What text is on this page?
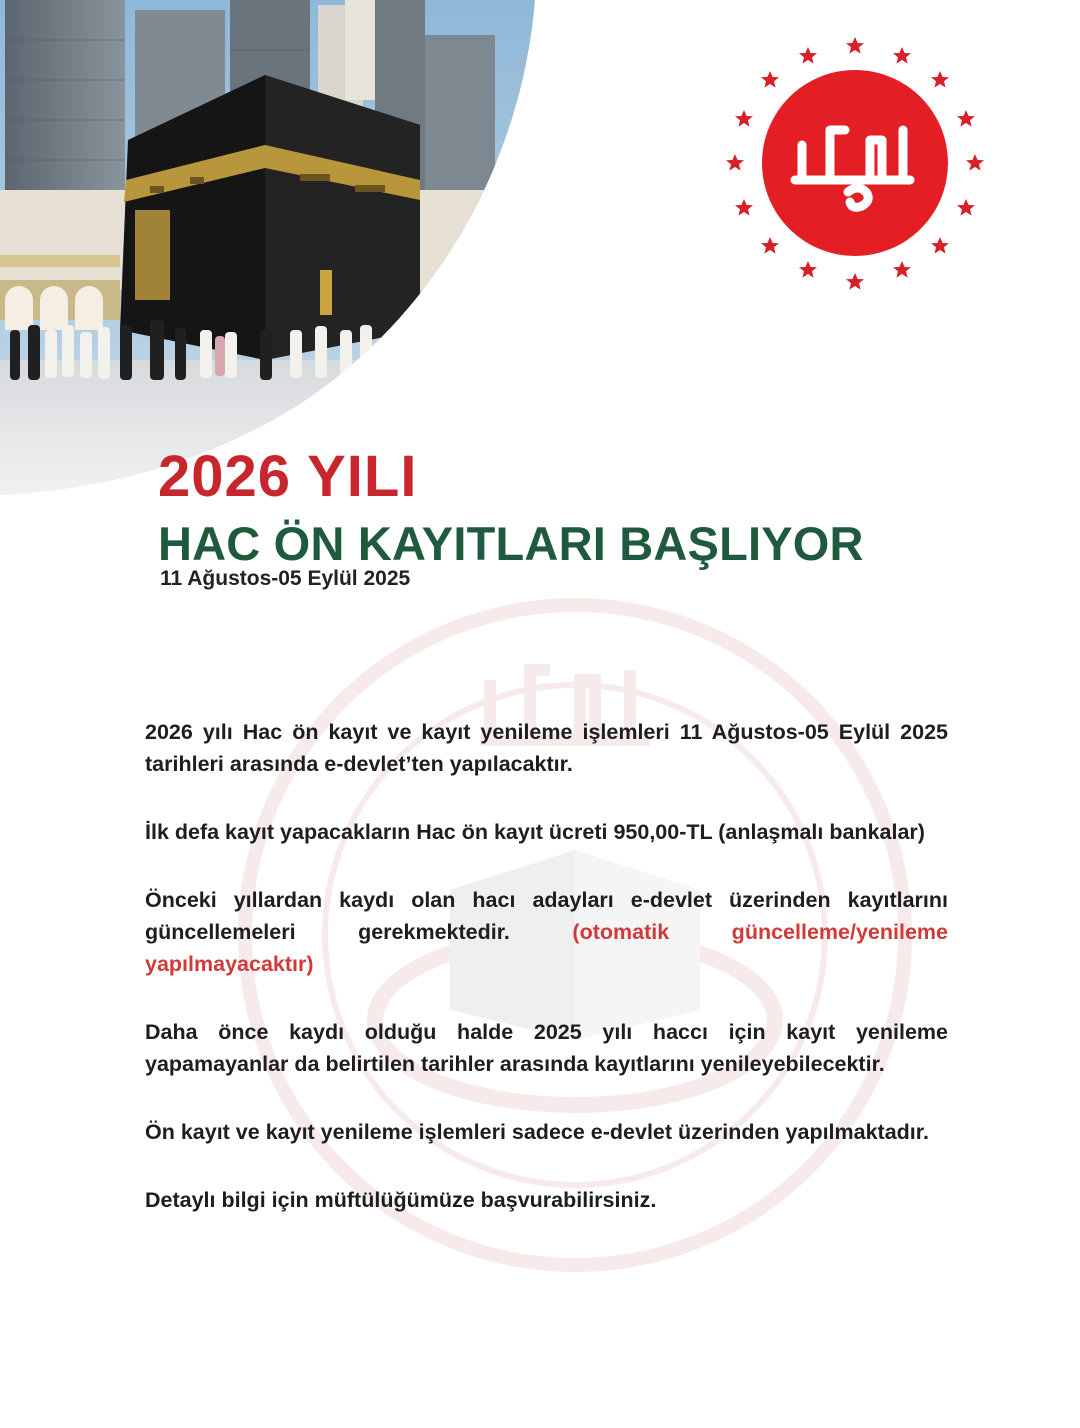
2026 YILI
HAC ÖN KAYITLARI BAŞLIYOR
11 Ağustos-05 Eylül 2025

2026 yılı Hac ön kayıt ve kayıt yenileme işlemleri 11 Ağustos-05 Eylül 2025 tarihleri arasında e-devlet’ten yapılacaktır.

İlk defa kayıt yapacakların Hac ön kayıt ücreti 950,00-TL (anlaşmalı bankalar)

Önceki yıllardan kaydı olan hacı adayları e-devlet üzerinden kayıtlarını güncellemeleri gerekmektedir.	(otomatik güncelleme/yenileme yapılmayacaktır)

Daha önce kaydı olduğu halde 2025 yılı haccı için kayıt yenileme yapamayanlar da belirtilen tarihler arasında kayıtlarını yenileyebilecektir.

Ön kayıt ve kayıt yenileme işlemleri sadece e-devlet üzerinden yapılmaktadır.

Detaylı bilgi için müftülüğümüze başvurabilirsiniz.
